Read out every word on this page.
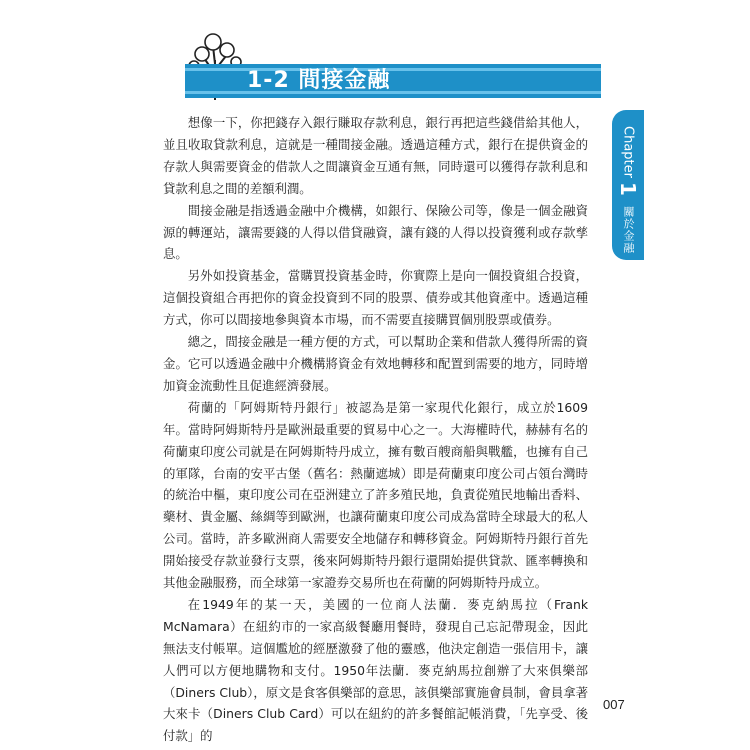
1-2 間接金融
Chapter
1
關於金融

想像一下，你把錢存入銀行賺取存款利息，銀行再把這些錢借給其他人，並且收取貸款利息，這就是一種間接金融。透過這種方式，銀行在提供資金的存款人與需要資金的借款人之間讓資金互通有無，同時還可以獲得存款利息和貸款利息之間的差額利潤。

間接金融是指透過金融中介機構，如銀行、保險公司等，像是一個金融資源的轉運站，讓需要錢的人得以借貸融資，讓有錢的人得以投資獲利或存款孳息。

另外如投資基金，當購買投資基金時，你實際上是向一個投資組合投資，這個投資組合再把你的資金投資到不同的股票、債券或其他資產中。透過這種方式，你可以間接地參與資本市場，而不需要直接購買個別股票或債券。

總之，間接金融是一種方便的方式，可以幫助企業和借款人獲得所需的資金。它可以透過金融中介機構將資金有效地轉移和配置到需要的地方，同時增加資金流動性且促進經濟發展。

荷蘭的「阿姆斯特丹銀行」被認為是第一家現代化銀行，成立於1609年。當時阿姆斯特丹是歐洲最重要的貿易中心之一。大海權時代，赫赫有名的荷蘭東印度公司就是在阿姆斯特丹成立，擁有數百艘商船與戰艦，也擁有自己的軍隊，台南的安平古堡（舊名：熱蘭遮城）即是荷蘭東印度公司占領台灣時的統治中樞，東印度公司在亞洲建立了許多殖民地，負責從殖民地輸出香料、藥材、貴金屬、絲綢等到歐洲，也讓荷蘭東印度公司成為當時全球最大的私人公司。當時，許多歐洲商人需要安全地儲存和轉移資金。阿姆斯特丹銀行首先開始接受存款並發行支票，後來阿姆斯特丹銀行還開始提供貸款、匯率轉換和其他金融服務，而全球第一家證券交易所也在荷蘭的阿姆斯特丹成立。

在1949年的某一天，美國的一位商人法蘭．麥克納馬拉（Frank McNamara）在紐約市的一家高級餐廳用餐時，發現自己忘記帶現金，因此無法支付帳單。這個尷尬的經歷激發了他的靈感，他決定創造一張信用卡，讓人們可以方便地購物和支付。1950年法蘭．麥克納馬拉創辦了大來俱樂部（Diners Club），原文是食客俱樂部的意思，該俱樂部實施會員制，會員拿著大來卡（Diners Club Card）可以在紐約的許多餐館記帳消費，「先享受、後付款」的

007
